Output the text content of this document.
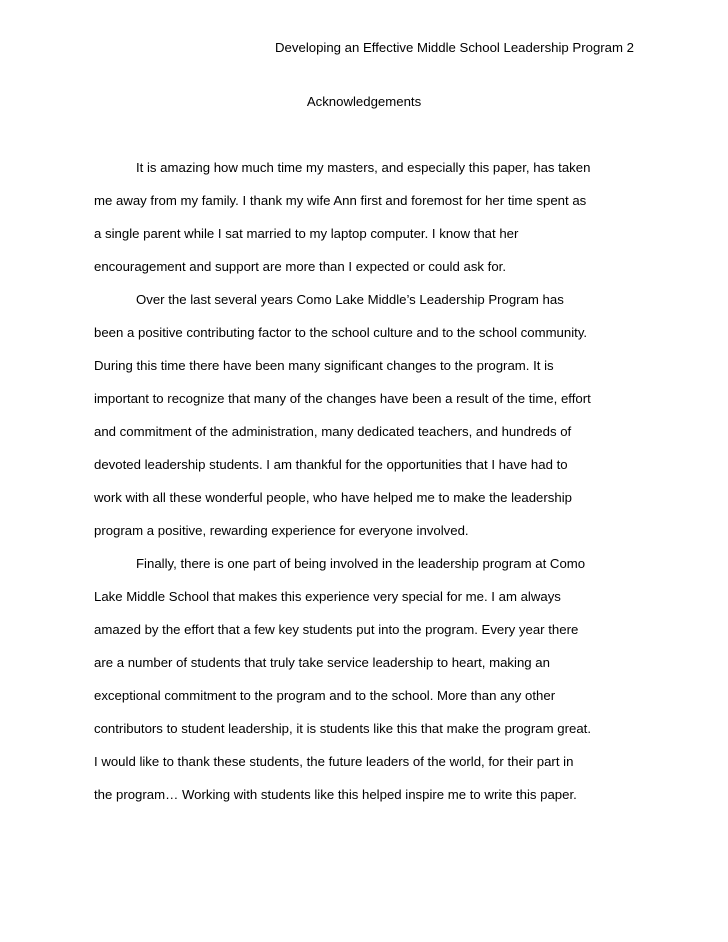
Developing an Effective Middle School Leadership Program 2
Acknowledgements
It is amazing how much time my masters, and especially this paper, has taken
me away from my family. I thank my wife Ann first and foremost for her time spent as
a single parent while I sat married to my laptop computer. I know that her
encouragement and support are more than I expected or could ask for.
Over the last several years Como Lake Middle’s Leadership Program has
been a positive contributing factor to the school culture and to the school community.
During this time there have been many significant changes to the program. It is
important to recognize that many of the changes have been a result of the time, effort
and commitment of the administration, many dedicated teachers, and hundreds of
devoted leadership students. I am thankful for the opportunities that I have had to
work with all these wonderful people, who have helped me to make the leadership
program a positive, rewarding experience for everyone involved.
Finally, there is one part of being involved in the leadership program at Como
Lake Middle School that makes this experience very special for me. I am always
amazed by the effort that a few key students put into the program. Every year there
are a number of students that truly take service leadership to heart, making an
exceptional commitment to the program and to the school. More than any other
contributors to student leadership, it is students like this that make the program great.
I would like to thank these students, the future leaders of the world, for their part in
the program… Working with students like this helped inspire me to write this paper.
